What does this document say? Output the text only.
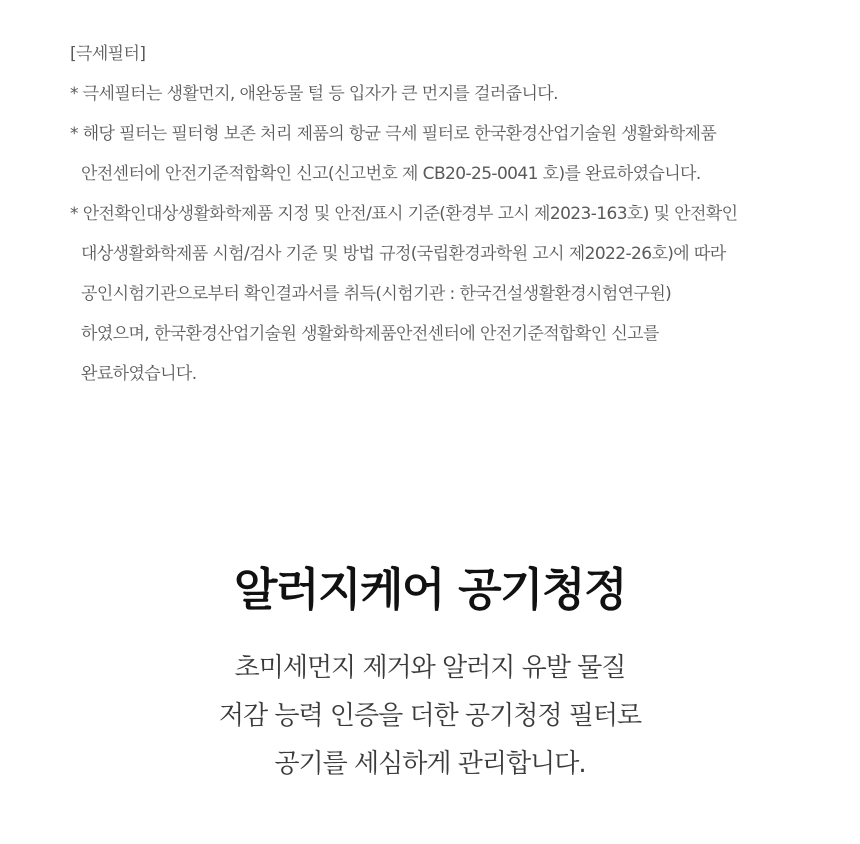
[극세필터]
* 극세필터는 생활먼지, 애완동물 털 등 입자가 큰 먼지를 걸러줍니다.
* 해당 필터는 필터형 보존 처리 제품의 항균 극세 필터로 한국환경산업기술원 생활화학제품
안전센터에 안전기준적합확인 신고(신고번호 제 CB20-25-0041 호)를 완료하였습니다.
* 안전확인대상생활화학제품 지정 및 안전/표시 기준(환경부 고시 제2023-163호) 및 안전확인
대상생활화학제품 시험/검사 기준 및 방법 규정(국립환경과학원 고시 제2022-26호)에 따라
공인시험기관으로부터 확인결과서를 취득(시험기관 : 한국건설생활환경시험연구원)
하였으며, 한국환경산업기술원 생활화학제품안전센터에 안전기준적합확인 신고를
완료하였습니다.
알러지케어 공기청정
초미세먼지 제거와 알러지 유발 물질
저감 능력 인증을 더한 공기청정 필터로
공기를 세심하게 관리합니다.
